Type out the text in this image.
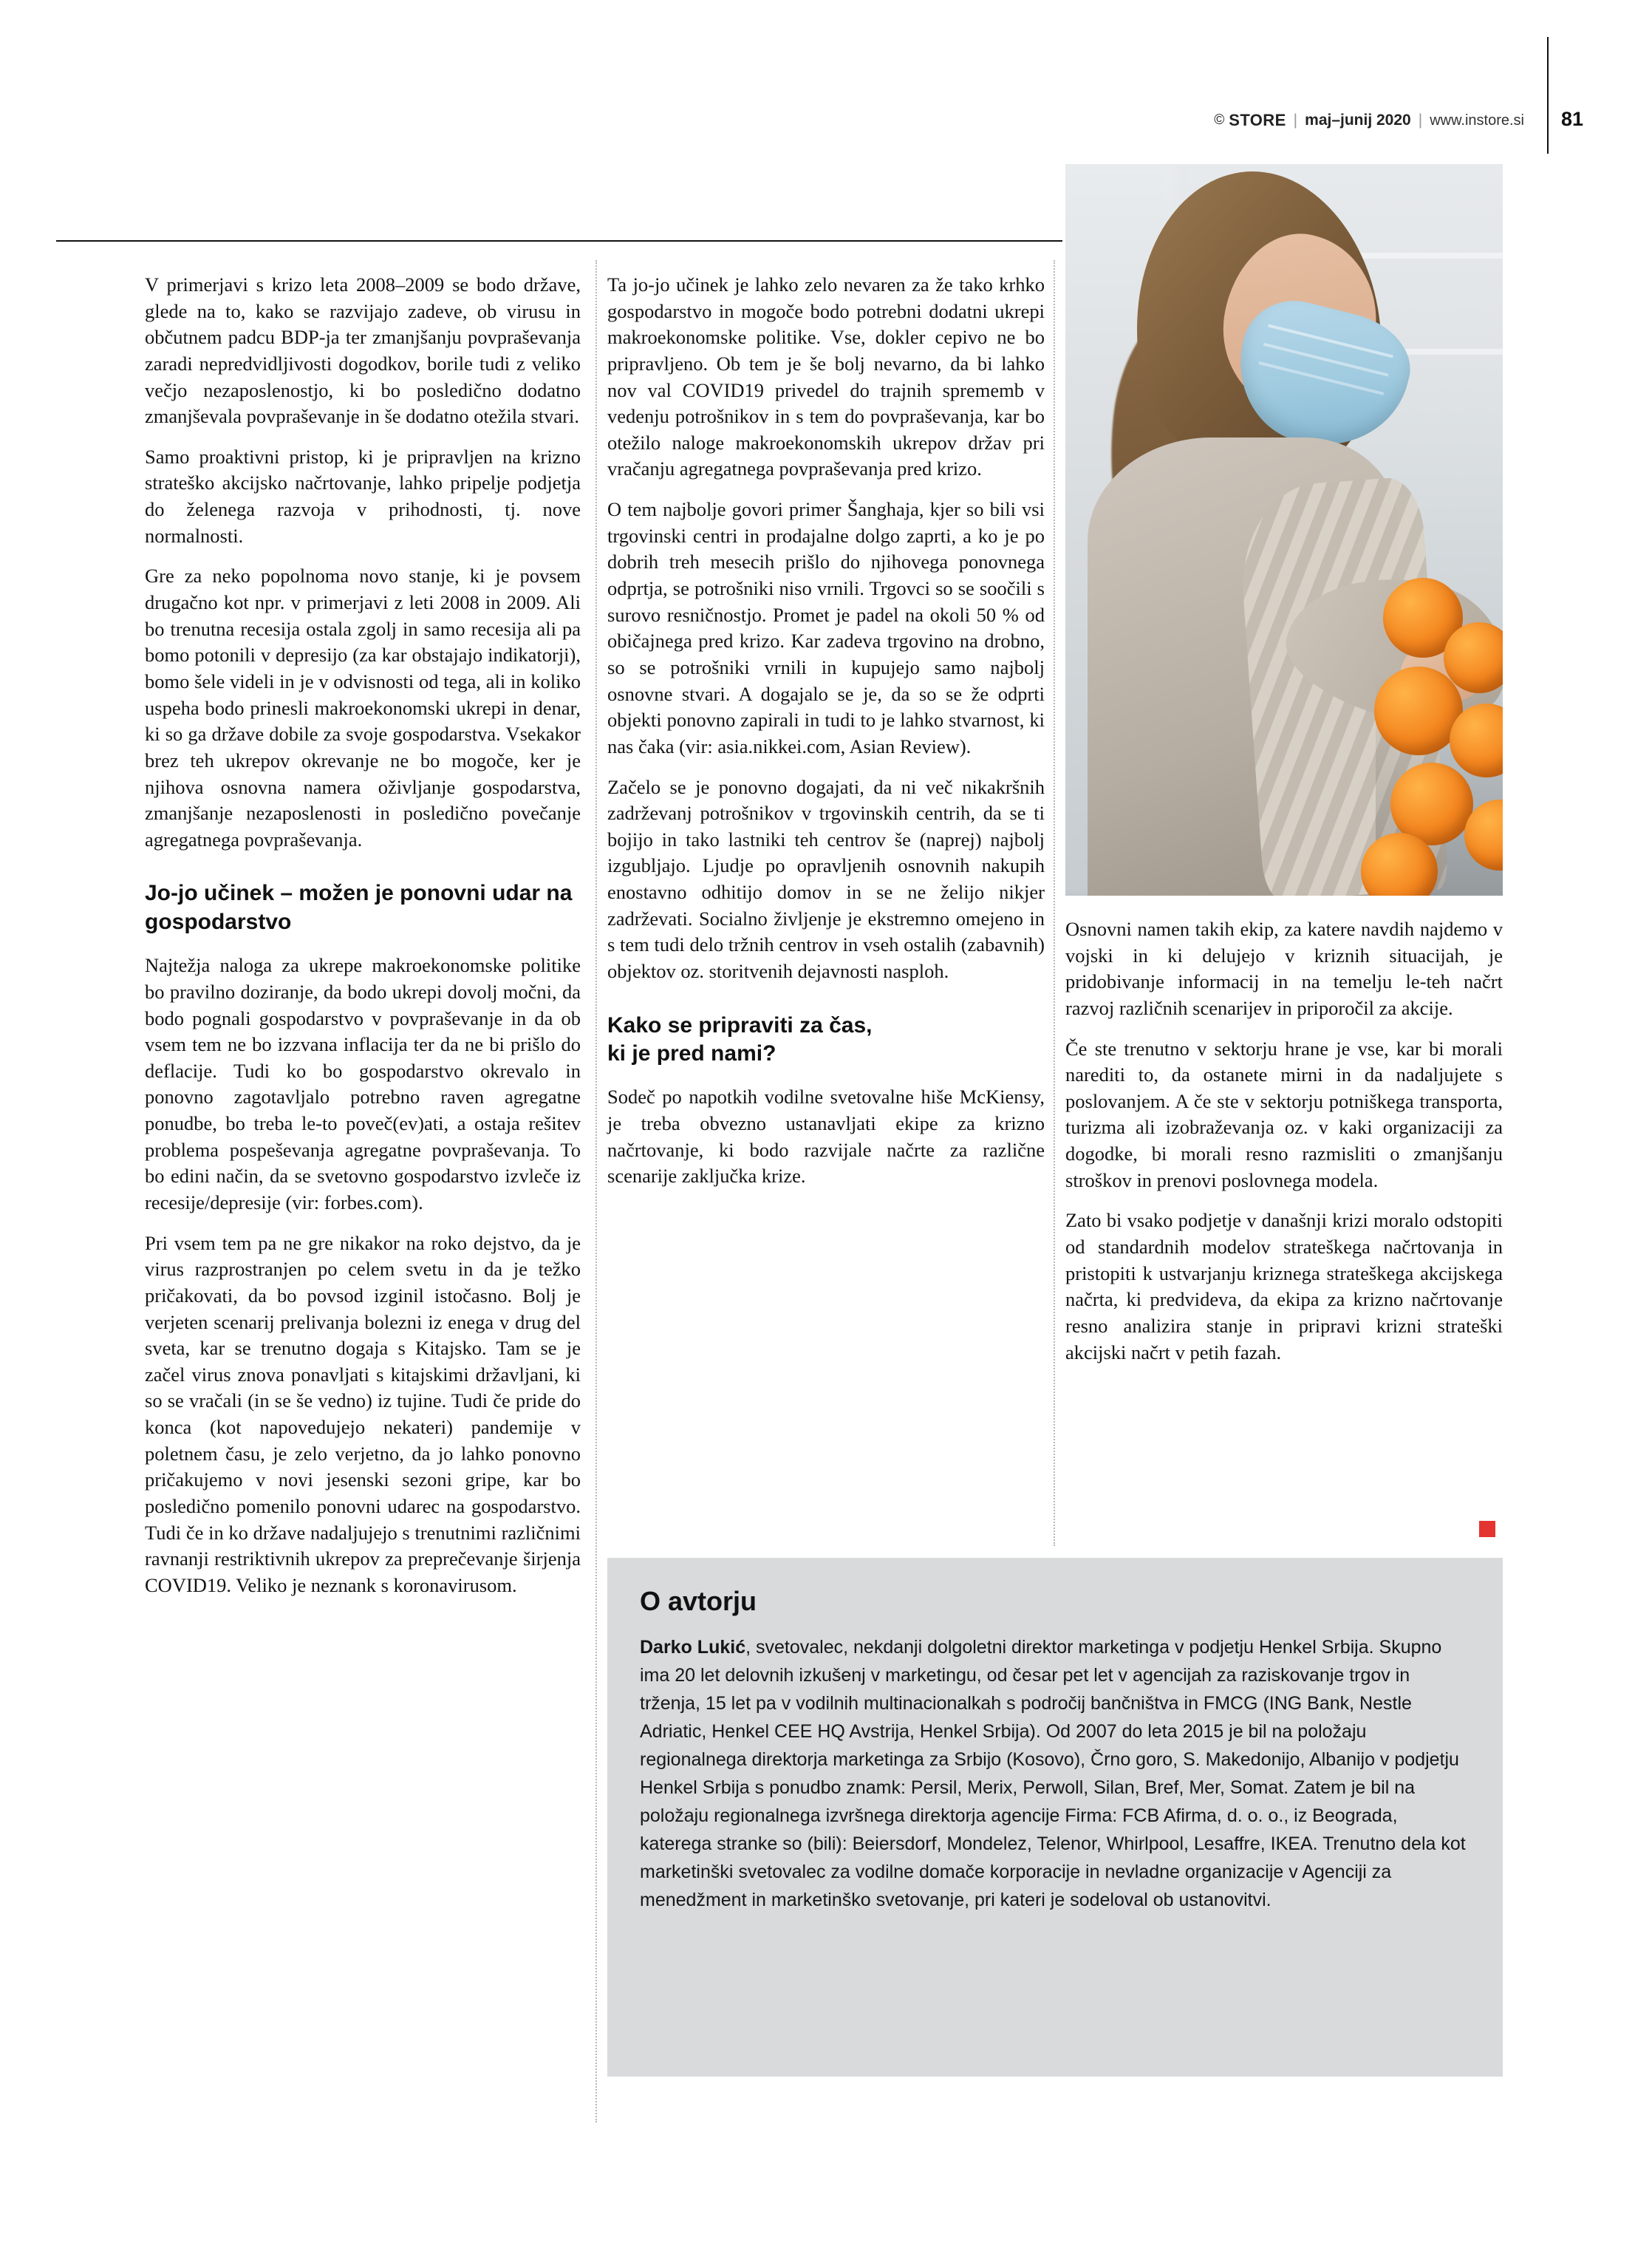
© STORE | maj–junij 2020 | www.instore.si 81

V primerjavi s krizo leta 2008–2009 se bodo države, glede na to, kako se razvijajo zadeve, ob virusu in občutnem padcu BDP-ja ter zmanjšanju povpraševanja zaradi nepredvidljivosti dogodkov, borile tudi z veliko večjo nezaposlenostjo, ki bo posledično dodatno zmanjševala povpraševanje in še dodatno otežila stvari.

Samo proaktivni pristop, ki je pripravljen na krizno strateško akcijsko načrtovanje, lahko pripelje podjetja do želenega razvoja v prihodnosti, tj. nove normalnosti.

Gre za neko popolnoma novo stanje, ki je povsem drugačno kot npr. v primerjavi z leti 2008 in 2009. Ali bo trenutna recesija ostala zgolj in samo recesija ali pa bomo potonili v depresijo (za kar obstajajo indikatorji), bomo šele videli in je v odvisnosti od tega, ali in koliko uspeha bodo prinesli makroekonomski ukrepi in denar, ki so ga države dobile za svoje gospodarstva. Vsekakor brez teh ukrepov okrevanje ne bo mogoče, ker je njihova osnovna namera oživljanje gospodarstva, zmanjšanje nezaposlenosti in posledično povečanje agregatnega povpraševanja.

Jo-jo učinek – možen je ponovni udar na gospodarstvo

Najtežja naloga za ukrepe makroekonomske politike bo pravilno doziranje, da bodo ukrepi dovolj močni, da bodo pognali gospodarstvo v povpraševanje in da ob vsem tem ne bo izzvana inflacija ter da ne bi prišlo do deflacije. Tudi ko bo gospodarstvo okrevalo in ponovno zagotavljalo potrebno raven agregatne ponudbe, bo treba le-to poveč(ev)ati, a ostaja rešitev problema pospeševanja agregatne povpraševanja. To bo edini način, da se svetovno gospodarstvo izvleče iz recesije/depresije (vir: forbes.com).

Pri vsem tem pa ne gre nikakor na roko dejstvo, da je virus razprostranjen po celem svetu in da je težko pričakovati, da bo povsod izginil istočasno. Bolj je verjeten scenarij prelivanja bolezni iz enega v drug del sveta, kar se trenutno dogaja s Kitajsko. Tam se je začel virus znova ponavljati s kitajskimi državljani, ki so se vračali (in se še vedno) iz tujine. Tudi če pride do konca (kot napovedujejo nekateri) pandemije v poletnem času, je zelo verjetno, da jo lahko ponovno pričakujemo v novi jesenski sezoni gripe, kar bo posledično pomenilo ponovni udarec na gospodarstvo. Tudi če in ko države nadaljujejo s trenutnimi različnimi ravnanji restriktivnih ukrepov za preprečevanje širjenja COVID19. Veliko je neznank s koronavirusom.

Ta jo-jo učinek je lahko zelo nevaren za že tako krhko gospodarstvo in mogoče bodo potrebni dodatni ukrepi makroekonomske politike. Vse, dokler cepivo ne bo pripravljeno. Ob tem je še bolj nevarno, da bi lahko nov val COVID19 privedel do trajnih sprememb v vedenju potrošnikov in s tem do povpraševanja, kar bo otežilo naloge makroekonomskih ukrepov držav pri vračanju agregatnega povpraševanja pred krizo.

O tem najbolje govori primer Šanghaja, kjer so bili vsi trgovinski centri in prodajalne dolgo zaprti, a ko je po dobrih treh mesecih prišlo do njihovega ponovnega odprtja, se potrošniki niso vrnili. Trgovci so se soočili s surovo resničnostjo. Promet je padel na okoli 50 % od običajnega pred krizo. Kar zadeva trgovino na drobno, so se potrošniki vrnili in kupujejo samo najbolj osnovne stvari. A dogajalo se je, da so se že odprti objekti ponovno zapirali in tudi to je lahko stvarnost, ki nas čaka (vir: asia.nikkei.com, Asian Review).

Začelo se je ponovno dogajati, da ni več nikakršnih zadrževanj potrošnikov v trgovinskih centrih, da se ti bojijo in tako lastniki teh centrov še (naprej) najbolj izgubljajo. Ljudje po opravljenih osnovnih nakupih enostavno odhitijo domov in se ne želijo nikjer zadrževati. Socialno življenje je ekstremno omejeno in s tem tudi delo tržnih centrov in vseh ostalih (zabavnih) objektov oz. storitvenih dejavnosti nasploh.

Kako se pripraviti za čas,
ki je pred nami?

Sodeč po napotkih vodilne svetovalne hiše McKiensy, je treba obvezno ustanavljati ekipe za krizno načrtovanje, ki bodo razvijale načrte za različne scenarije zaključka krize.

Osnovni namen takih ekip, za katere navdih najdemo v vojski in ki delujejo v kriznih situacijah, je pridobivanje informacij in na temelju le-teh načrt razvoj različnih scenarijev in priporočil za akcije.

Če ste trenutno v sektorju hrane je vse, kar bi morali narediti to, da ostanete mirni in da nadaljujete s poslovanjem. A če ste v sektorju potniškega transporta, turizma ali izobraževanja oz. v kaki organizaciji za dogodke, bi morali resno razmisliti o zmanjšanju stroškov in prenovi poslovnega modela.

Zato bi vsako podjetje v današnji krizi moralo odstopiti od standardnih modelov strateškega načrtovanja in pristopiti k ustvarjanju kriznega strateškega akcijskega načrta, ki predvideva, da ekipa za krizno načrtovanje resno analizira stanje in pripravi krizni strateški akcijski načrt v petih fazah.

O avtorju

Darko Lukić, svetovalec, nekdanji dolgoletni direktor marketinga v podjetju Henkel Srbija. Skupno ima 20 let delovnih izkušenj v marketingu, od česar pet let v agencijah za raziskovanje trgov in trženja, 15 let pa v vodilnih multinacionalkah s področij bančništva in FMCG (ING Bank, Nestle Adriatic, Henkel CEE HQ Avstrija, Henkel Srbija). Od 2007 do leta 2015 je bil na položaju regionalnega direktorja marketinga za Srbijo (Kosovo), Črno goro, S. Makedonijo, Albanijo v podjetju Henkel Srbija s ponudbo znamk: Persil, Merix, Perwoll, Silan, Bref, Mer, Somat. Zatem je bil na položaju regionalnega izvršnega direktorja agencije Firma: FCB Afirma, d. o. o., iz Beograda, katerega stranke so (bili): Beiersdorf, Mondelez, Telenor, Whirlpool, Lesaffre, IKEA. Trenutno dela kot marketinški svetovalec za vodilne domače korporacije in nevladne organizacije v Agenciji za menedžment in marketinško svetovanje, pri kateri je sodeloval ob ustanovitvi.
